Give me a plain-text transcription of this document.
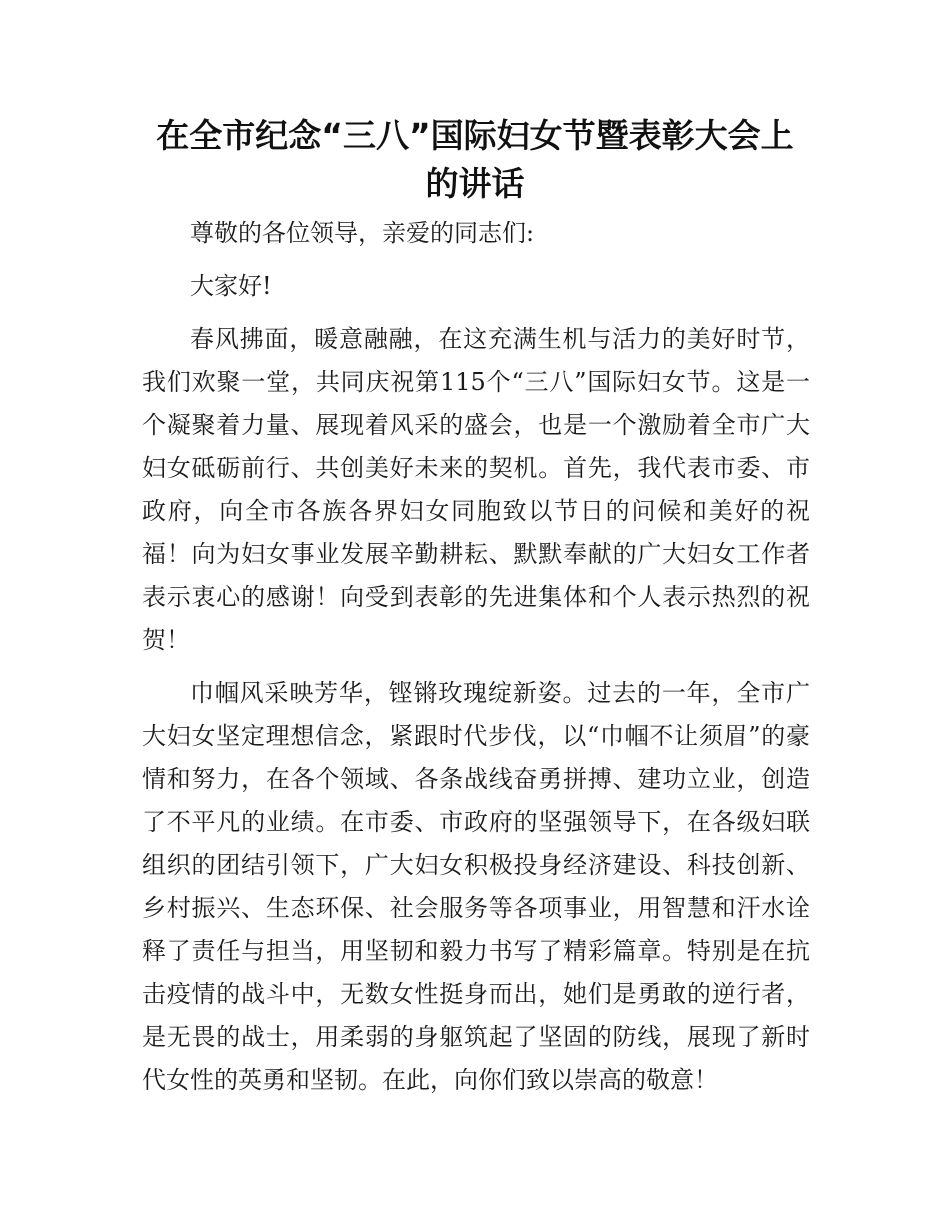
在全市纪念“三八”国际妇女节暨表彰大会上的讲话

尊敬的各位领导，亲爱的同志们:

大家好!

春风拂面，暖意融融，在这充满生机与活力的美好时节，我们欢聚一堂，共同庆祝第115个“三八”国际妇女节。这是一个凝聚着力量、展现着风采的盛会，也是一个激励着全市广大妇女砥砺前行、共创美好未来的契机。首先，我代表市委、市政府，向全市各族各界妇女同胞致以节日的问候和美好的祝福！向为妇女事业发展辛勤耕耘、默默奉献的广大妇女工作者表示衷心的感谢！向受到表彰的先进集体和个人表示热烈的祝贺！

巾帼风采映芳华，铿锵玫瑰绽新姿。过去的一年，全市广大妇女坚定理想信念，紧跟时代步伐，以“巾帼不让须眉”的豪情和努力，在各个领域、各条战线奋勇拼搏、建功立业，创造了不平凡的业绩。在市委、市政府的坚强领导下，在各级妇联组织的团结引领下，广大妇女积极投身经济建设、科技创新、乡村振兴、生态环保、社会服务等各项事业，用智慧和汗水诠释了责任与担当，用坚韧和毅力书写了精彩篇章。特别是在抗击疫情的战斗中，无数女性挺身而出，她们是勇敢的逆行者，是无畏的战士，用柔弱的身躯筑起了坚固的防线，展现了新时代女性的英勇和坚韧。在此，向你们致以崇高的敬意！
